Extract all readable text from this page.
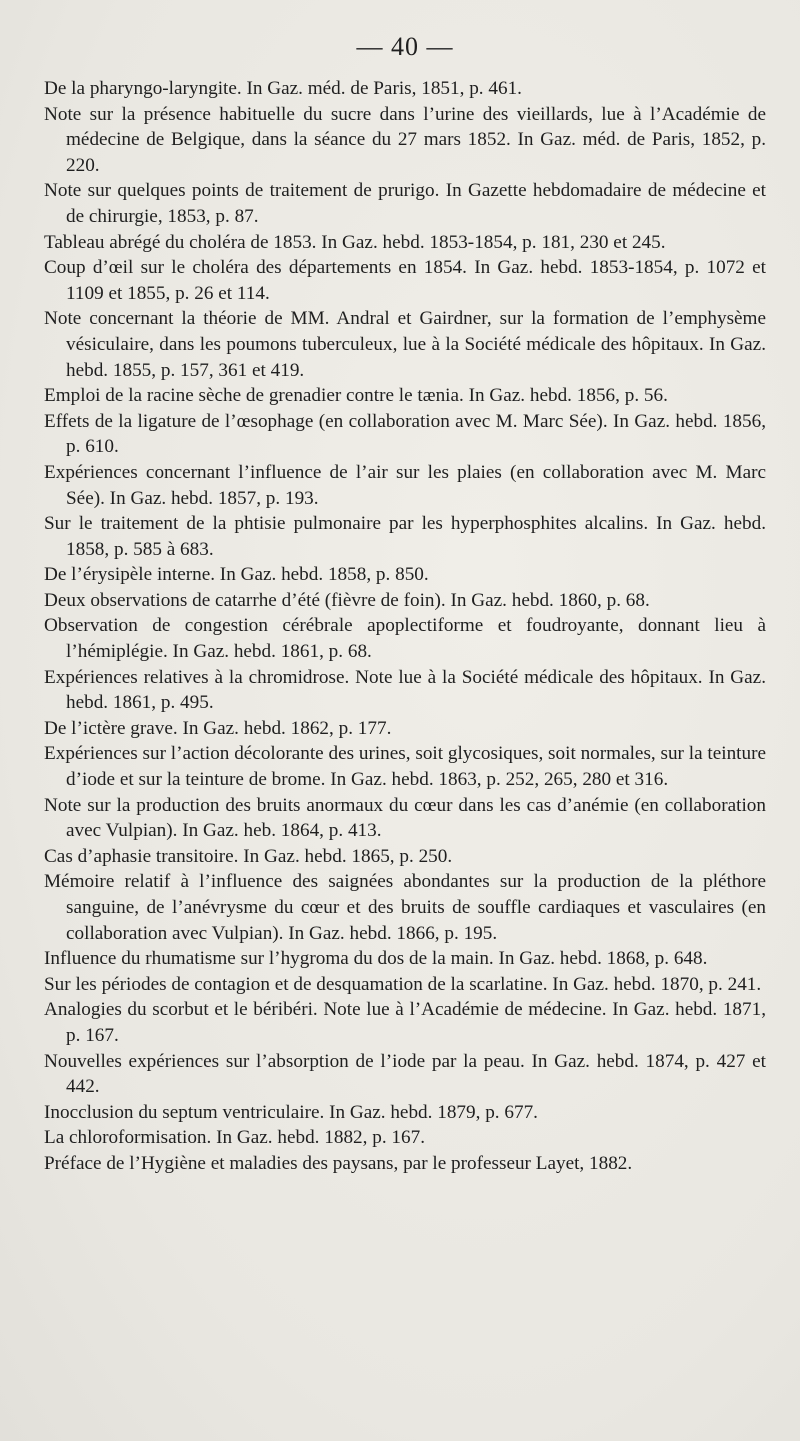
— 40 —
De la pharyngo-laryngite. In Gaz. méd. de Paris, 1851, p. 461.
Note sur la présence habituelle du sucre dans l’urine des vieillards, lue à l’Académie de médecine de Belgique, dans la séance du 27 mars 1852. In Gaz. méd. de Paris, 1852, p. 220.
Note sur quelques points de traitement de prurigo. In Gazette hebdomadaire de médecine et de chirurgie, 1853, p. 87.
Tableau abrégé du choléra de 1853. In Gaz. hebd. 1853-1854, p. 181, 230 et 245.
Coup d’œil sur le choléra des départements en 1854. In Gaz. hebd. 1853-1854, p. 1072 et 1109 et 1855, p. 26 et 114.
Note concernant la théorie de MM. Andral et Gairdner, sur la formation de l’emphysème vésiculaire, dans les poumons tuberculeux, lue à la Société médicale des hôpitaux. In Gaz. hebd. 1855, p. 157, 361 et 419.
Emploi de la racine sèche de grenadier contre le tænia. In Gaz. hebd. 1856, p. 56.
Effets de la ligature de l’œsophage (en collaboration avec M. Marc Sée). In Gaz. hebd. 1856, p. 610.
Expériences concernant l’influence de l’air sur les plaies (en collaboration avec M. Marc Sée). In Gaz. hebd. 1857, p. 193.
Sur le traitement de la phtisie pulmonaire par les hyperphosphites alcalins. In Gaz. hebd. 1858, p. 585 à 683.
De l’érysipèle interne. In Gaz. hebd. 1858, p. 850.
Deux observations de catarrhe d’été (fièvre de foin). In Gaz. hebd. 1860, p. 68.
Observation de congestion cérébrale apoplectiforme et foudroyante, donnant lieu à l’hémiplégie. In Gaz. hebd. 1861, p. 68.
Expériences relatives à la chromidrose. Note lue à la Société médicale des hôpitaux. In Gaz. hebd. 1861, p. 495.
De l’ictère grave. In Gaz. hebd. 1862, p. 177.
Expériences sur l’action décolorante des urines, soit glycosiques, soit normales, sur la teinture d’iode et sur la teinture de brome. In Gaz. hebd. 1863, p. 252, 265, 280 et 316.
Note sur la production des bruits anormaux du cœur dans les cas d’anémie (en collaboration avec Vulpian). In Gaz. heb. 1864, p. 413.
Cas d’aphasie transitoire. In Gaz. hebd. 1865, p. 250.
Mémoire relatif à l’influence des saignées abondantes sur la production de la pléthore sanguine, de l’anévrysme du cœur et des bruits de souffle cardiaques et vasculaires (en collaboration avec Vulpian). In Gaz. hebd. 1866, p. 195.
Influence du rhumatisme sur l’hygroma du dos de la main. In Gaz. hebd. 1868, p. 648.
Sur les périodes de contagion et de desquamation de la scarlatine. In Gaz. hebd. 1870, p. 241.
Analogies du scorbut et le béribéri. Note lue à l’Académie de médecine. In Gaz. hebd. 1871, p. 167.
Nouvelles expériences sur l’absorption de l’iode par la peau. In Gaz. hebd. 1874, p. 427 et 442.
Inocclusion du septum ventriculaire. In Gaz. hebd. 1879, p. 677.
La chloroformisation. In Gaz. hebd. 1882, p. 167.
Préface de l’Hygiène et maladies des paysans, par le professeur Layet, 1882.
